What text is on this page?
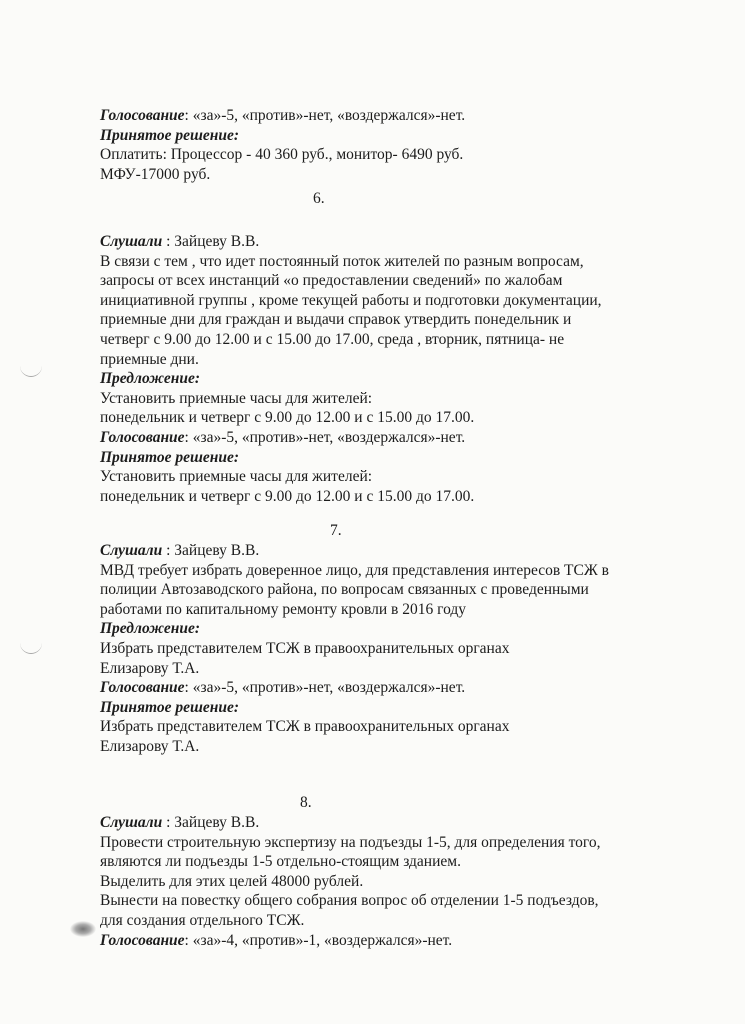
6.
7.
8.

Голосование: «за»-5, «против»-нет, «воздержался»-нет.

Принятое решение:

Оплатить: Процессор - 40 360 руб., монитор- 6490 руб.

МФУ-17000 руб.

Слушали : Зайцеву В.В.

В связи с тем , что идет постоянный поток жителей по разным вопросам,

запросы от всех инстанций «о предоставлении сведений» по жалобам

инициативной группы , кроме текущей работы и подготовки документации,

приемные дни для граждан и выдачи справок утвердить понедельник и

четверг с 9.00 до 12.00 и с 15.00 до 17.00, среда , вторник, пятница- не

приемные дни.

Предложение:

Установить приемные часы для жителей:

понедельник и четверг с 9.00 до 12.00 и с 15.00 до 17.00.

Голосование: «за»-5, «против»-нет, «воздержался»-нет.

Принятое решение:

Установить приемные часы для жителей:

понедельник и четверг с 9.00 до 12.00 и с 15.00 до 17.00.

Слушали : Зайцеву В.В.

МВД требует избрать доверенное лицо, для представления интересов ТСЖ в

полиции Автозаводского района, по вопросам связанных с проведенными

работами по капитальному ремонту кровли в 2016 году

Предложение:

Избрать представителем ТСЖ в правоохранительных органах

Елизарову Т.А.

Голосование: «за»-5, «против»-нет, «воздержался»-нет.

Принятое решение:

Избрать представителем ТСЖ в правоохранительных органах

Елизарову Т.А.

Слушали : Зайцеву В.В.

Провести строительную экспертизу на подъезды 1-5, для определения того,

являются ли подъезды 1-5 отдельно-стоящим зданием.

Выделить для этих целей 48000 рублей.

Вынести на повестку общего собрания вопрос об отделении 1-5 подъездов,

для создания отдельного ТСЖ.

Голосование: «за»-4, «против»-1, «воздержался»-нет.
